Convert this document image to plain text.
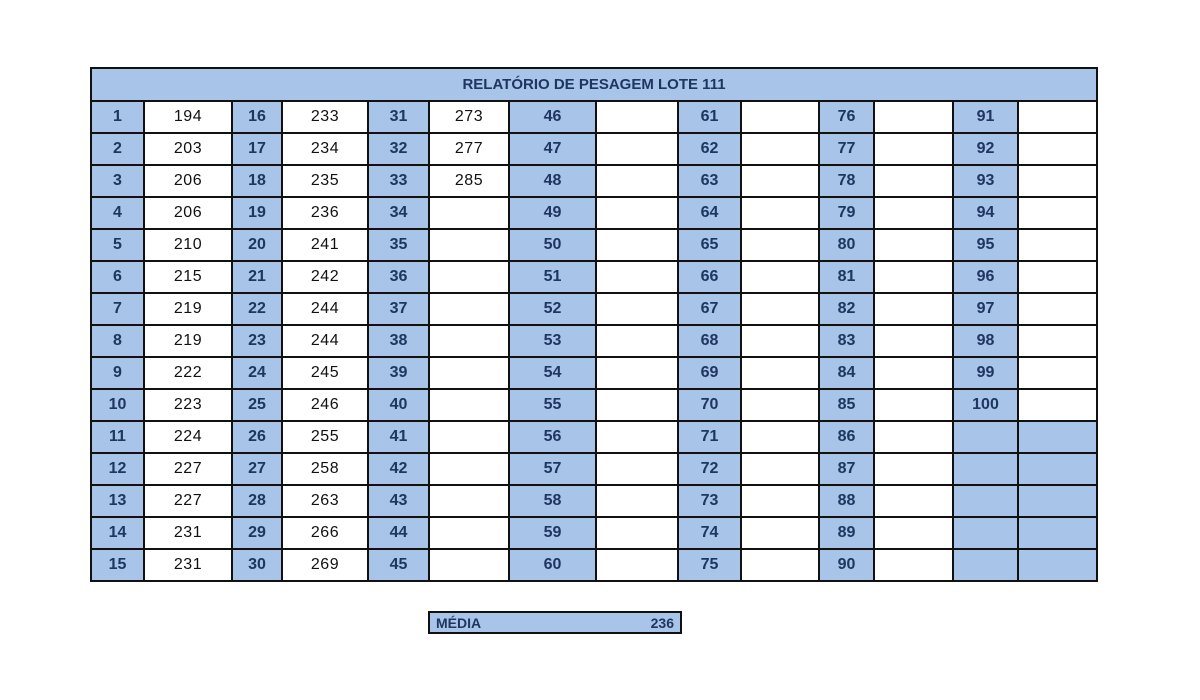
RELATÓRIO DE PESAGEM LOTE 111													
1	194	16	233	31	273	46		61		76		91	
2	203	17	234	32	277	47		62		77		92	
3	206	18	235	33	285	48		63		78		93	
4	206	19	236	34		49		64		79		94	
5	210	20	241	35		50		65		80		95	
6	215	21	242	36		51		66		81		96	
7	219	22	244	37		52		67		82		97	
8	219	23	244	38		53		68		83		98	
9	222	24	245	39		54		69		84		99	
10	223	25	246	40		55		70		85		100	
11	224	26	255	41		56		71		86			
12	227	27	258	42		57		72		87			
13	227	28	263	43		58		73		88			
14	231	29	266	44		59		74		89			
15	231	30	269	45		60		75		90			
MÉDIA	236
